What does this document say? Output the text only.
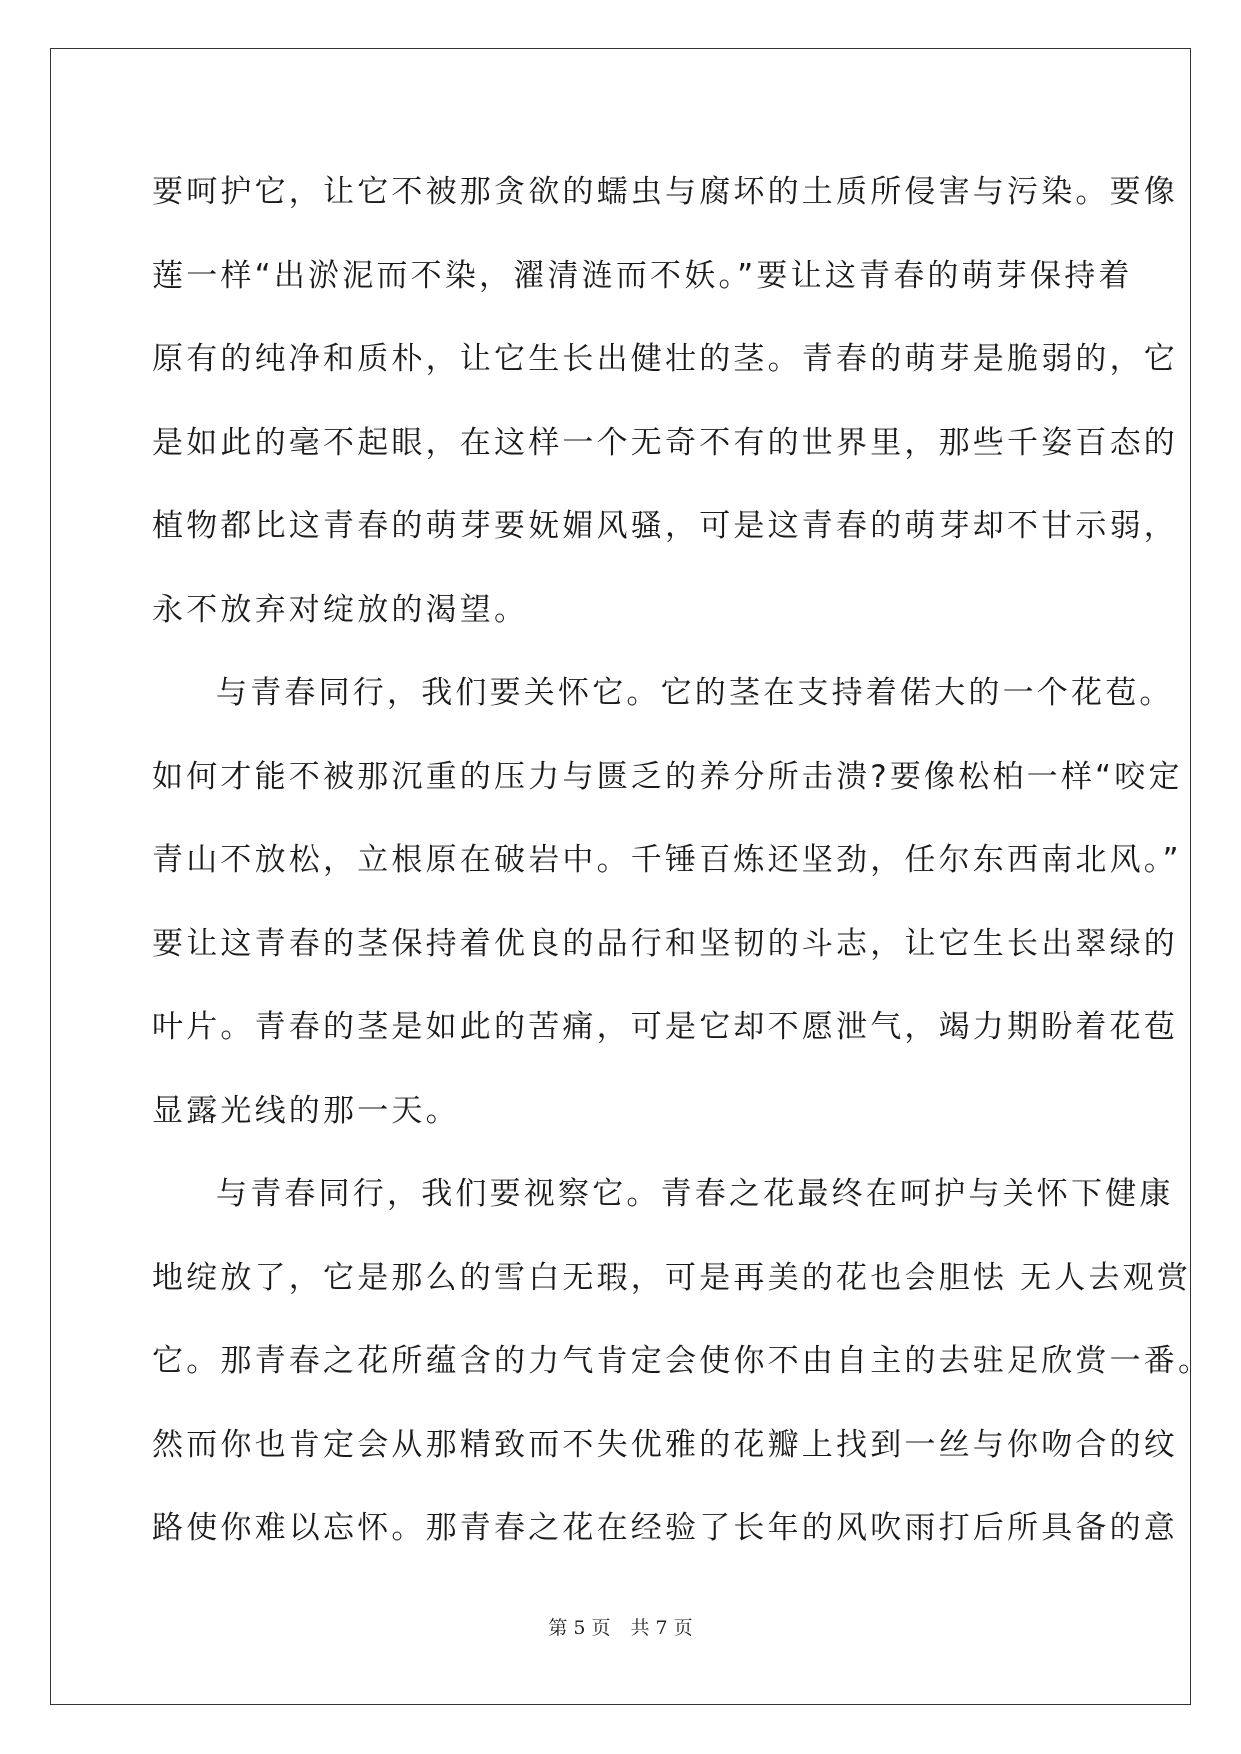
要呵护它，让它不被那贪欲的蠕虫与腐坏的土质所侵害与污染。要像
莲一样“出淤泥而不染，濯清涟而不妖。”要让这青春的萌芽保持着
原有的纯净和质朴，让它生长出健壮的茎。青春的萌芽是脆弱的，它
是如此的毫不起眼，在这样一个无奇不有的世界里，那些千姿百态的
植物都比这青春的萌芽要妩媚风骚，可是这青春的萌芽却不甘示弱，
永不放弃对绽放的渴望。
与青春同行，我们要关怀它。它的茎在支持着偌大的一个花苞。
如何才能不被那沉重的压力与匮乏的养分所击溃?要像松柏一样“咬定
青山不放松，立根原在破岩中。千锤百炼还坚劲，任尔东西南北风。”
要让这青春的茎保持着优良的品行和坚韧的斗志，让它生长出翠绿的
叶片。青春的茎是如此的苦痛，可是它却不愿泄气，竭力期盼着花苞
显露光线的那一天。
与青春同行，我们要视察它。青春之花最终在呵护与关怀下健康
地绽放了，它是那么的雪白无瑕，可是再美的花也会胆怯 无人去观赏
它。那青春之花所蕴含的力气肯定会使你不由自主的去驻足欣赏一番。
然而你也肯定会从那精致而不失优雅的花瓣上找到一丝与你吻合的纹
路使你难以忘怀。那青春之花在经验了长年的风吹雨打后所具备的意
第 5 页 共 7 页
